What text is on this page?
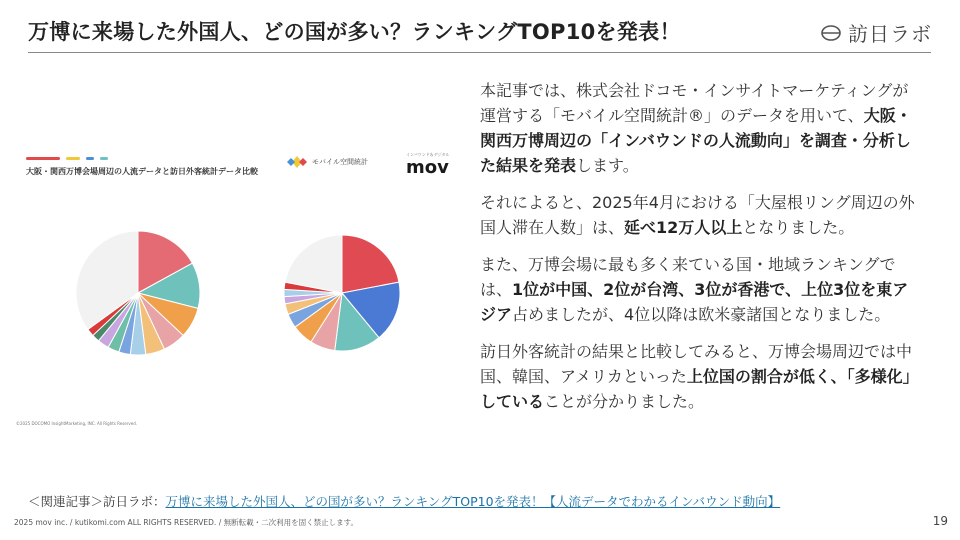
万博に来場した外国人、どの国が多い？ランキングTOP10を発表！	訪日ラボ
大阪・関西万博会場周辺の人流データと訪日外客統計データ比較
モバイル空間統計
インバウンド＆デジタル
mov
©2025 DOCOMO InsightMarketing, INC. All Rights Reserved.

本記事では、株式会社ドコモ・インサイトマーケティングが運営する「モバイル空間統計®」のデータを用いて、大阪・関西万博周辺の「インバウンドの人流動向」を調査・分析した結果を発表します。

それによると、2025年4月における「大屋根リング周辺の外国人滞在人数」は、延べ12万人以上となりました。

また、万博会場に最も多く来ている国・地域ランキングでは、1位が中国、2位が台湾、3位が香港で、上位3位を東アジア占めましたが、4位以降は欧米豪諸国となりました。

訪日外客統計の結果と比較してみると、万博会場周辺では中国、韓国、アメリカといった上位国の割合が低く、「多様化」していることが分かりました。

＜関連記事＞訪日ラボ：万博に来場した外国人、どの国が多い？ランキングTOP10を発表！【人流データでわかるインバウンド動向】
2025 mov inc. / kutikomi.com ALL RIGHTS RESERVED. / 無断転載・二次利用を固く禁止します。	19
